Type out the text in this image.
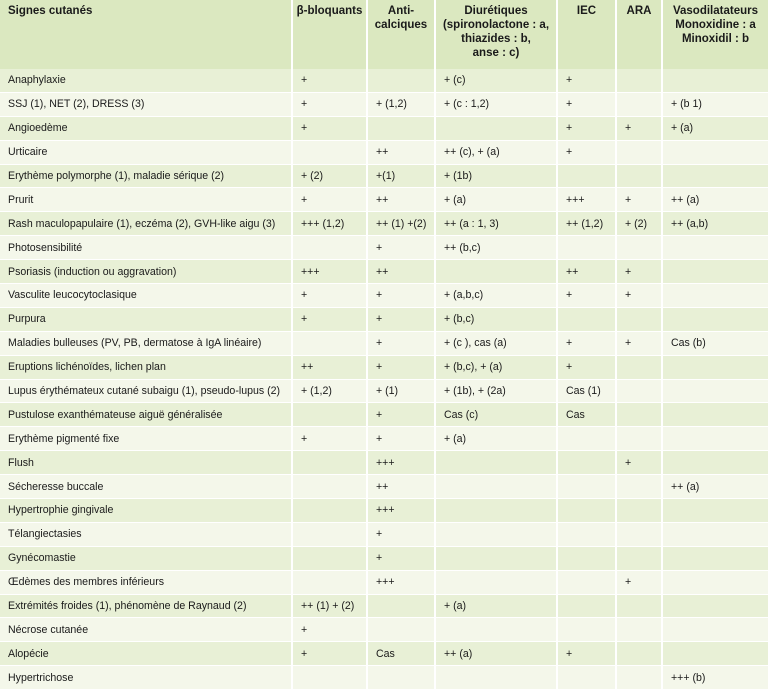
Signes cutanés	β-bloquants	Anti-
calciques	Diurétiques
(spironolactone : a,
thiazides : b,
anse : c)	IEC	ARA	Vasodilatateurs
Monoxidine : a
Minoxidil : b
Anaphylaxie	+		+ (c)	+		
SSJ (1), NET (2), DRESS (3)	+	+ (1,2)	+ (c : 1,2)	+		+ (b 1)
Angioedème	+			+	+	+ (a)
Urticaire		++	++ (c), + (a)	+		
Erythème polymorphe (1), maladie sérique (2)	+ (2)	+(1)	+ (1b)			
Prurit	+	++	+ (a)	+++	+	++ (a)
Rash maculopapulaire (1), eczéma (2), GVH-like aigu (3)	+++ (1,2)	++ (1) +(2)	++ (a : 1, 3)	++ (1,2)	+ (2)	++ (a,b)
Photosensibilité		+	++ (b,c)			
Psoriasis (induction ou aggravation)	+++	++		++	+	
Vasculite leucocytoclasique	+	+	+ (a,b,c)	+	+	
Purpura	+	+	+ (b,c)			
Maladies bulleuses (PV, PB, dermatose à IgA linéaire)		+	+ (c ), cas (a)	+	+	Cas (b)
Eruptions lichénoïdes, lichen plan	++	+	+ (b,c), + (a)	+		
Lupus érythémateux cutané subaigu (1), pseudo-lupus (2)	+ (1,2)	+ (1)	+ (1b), + (2a)	Cas (1)		
Pustulose exanthémateuse aiguë généralisée		+	Cas (c)	Cas		
Erythème pigmenté fixe	+	+	+ (a)			
Flush		+++			+	
Sécheresse buccale		++				++ (a)
Hypertrophie gingivale		+++				
Télangiectasies		+				
Gynécomastie		+				
Œdèmes des membres inférieurs		+++			+	
Extrémités froides (1), phénomène de Raynaud (2)	++ (1) + (2)		+ (a)			
Nécrose cutanée	+					
Alopécie	+	Cas	++ (a)	+		
Hypertrichose						+++ (b)
